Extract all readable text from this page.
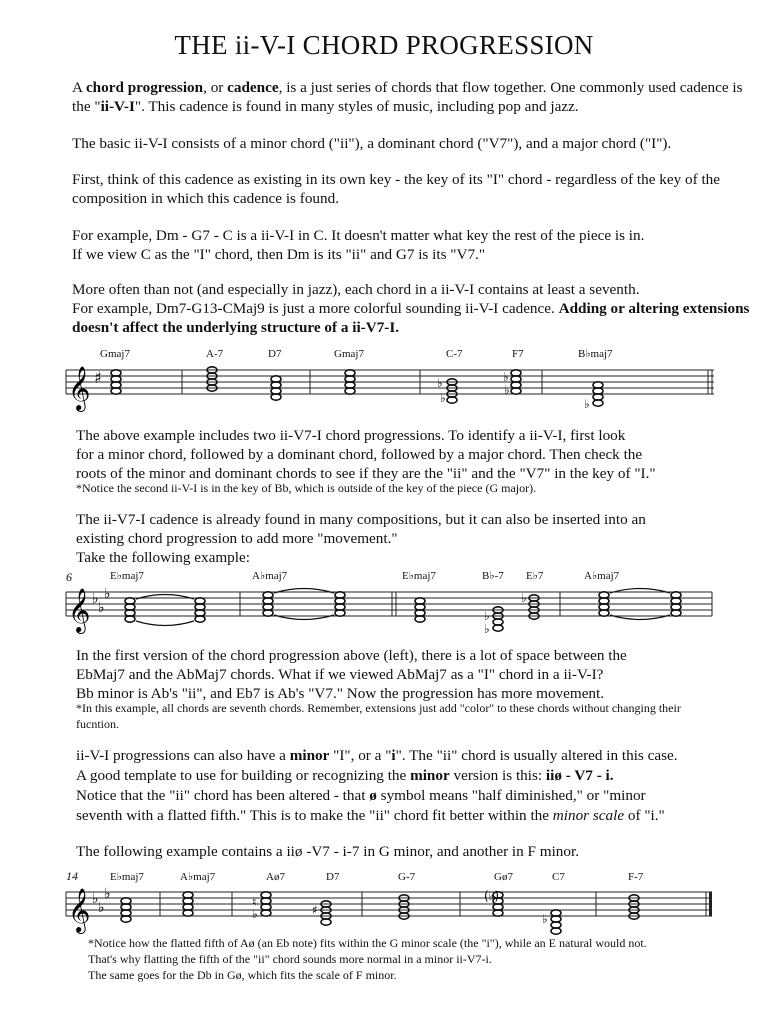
THE ii-V-I CHORD PROGRESSION

A chord progression, or cadence, is a just series of chords that flow together. One commonly used cadence is the "ii-V-I". This cadence is found in many styles of music, including pop and jazz.

The basic ii-V-I consists of a minor chord ("ii"), a dominant chord ("V7"), and a major chord ("I").

First, think of this cadence as existing in its own key - the key of its "I" chord - regardless of the key of the composition in which this cadence is found.

For example, Dm - G7 - C is a ii-V-I in C. It doesn't matter what key the rest of the piece is in.
If we view C as the "I" chord, then Dm is its "ii" and G7 is its "V7."

More often than not (and especially in jazz), each chord in a ii-V-I contains at least a seventh.
For example, Dm7-G13-CMaj9 is just a more colorful sounding ii-V-I cadence. Adding or altering extensions doesn't affect the underlying structure of a ii-V7-I.

𝄞 ♯
Gmaj7	A-7	D7	Gmaj7	C-7	F7	B♭maj7
♭
♭
♭
♭
♭

The above example includes two ii-V7-I chord progressions. To identify a ii-V-I, first look
for a minor chord, followed by a dominant chord, followed by a major chord. Then check the
roots of the minor and dominant chords to see if they are the "ii" and the "V7" in the key of "I."

*Notice the second ii-V-I is in the key of Bb, which is outside of the key of the piece (G major).

The ii-V7-I cadence is already found in many compositions, but it can also be inserted into an
existing chord progression to add more "movement."
Take the following example:

6
𝄞 ♭
♭
♭
E♭maj7	A♭maj7	E♭maj7	B♭-7 E♭7	A♭maj7
♭
♭
♭

In the first version of the chord progression above (left), there is a lot of space between the
EbMaj7 and the AbMaj7 chords. What if we viewed AbMaj7 as a "I" chord in a ii-V-I?
Bb minor is Ab's "ii", and Eb7 is Ab's "V7." Now the progression has more movement.

*In this example, all chords are seventh chords. Remember, extensions just add "color" to these chords without changing their fucntion.

ii-V-I progressions can also have a minor "I", or a "i". The "ii" chord is usually altered in this case.
A good template to use for building or recognizing the minor version is this: iiø - V7 - i.
Notice that the "ii" chord has been altered - that ø symbol means "half diminished," or "minor
seventh with a flatted fifth." This is to make the "ii" chord fit better within the minor scale of "i."

The following example contains a iiø -V7 - i-7 in G minor, and another in F minor.

14
𝄞 ♭
♭
♭
E♭maj7	A♭maj7	Aø7	D7	G-7	Gø7	C7	F-7
♮
♭	♯
(♭)
♭

*Notice how the flatted fifth of Aø (an Eb note) fits within the G minor scale (the "i"), while an E natural would not.
That's why flatting the fifth of the "ii" chord sounds more normal in a minor ii-V7-i.
The same goes for the Db in Gø, which fits the scale of F minor.
